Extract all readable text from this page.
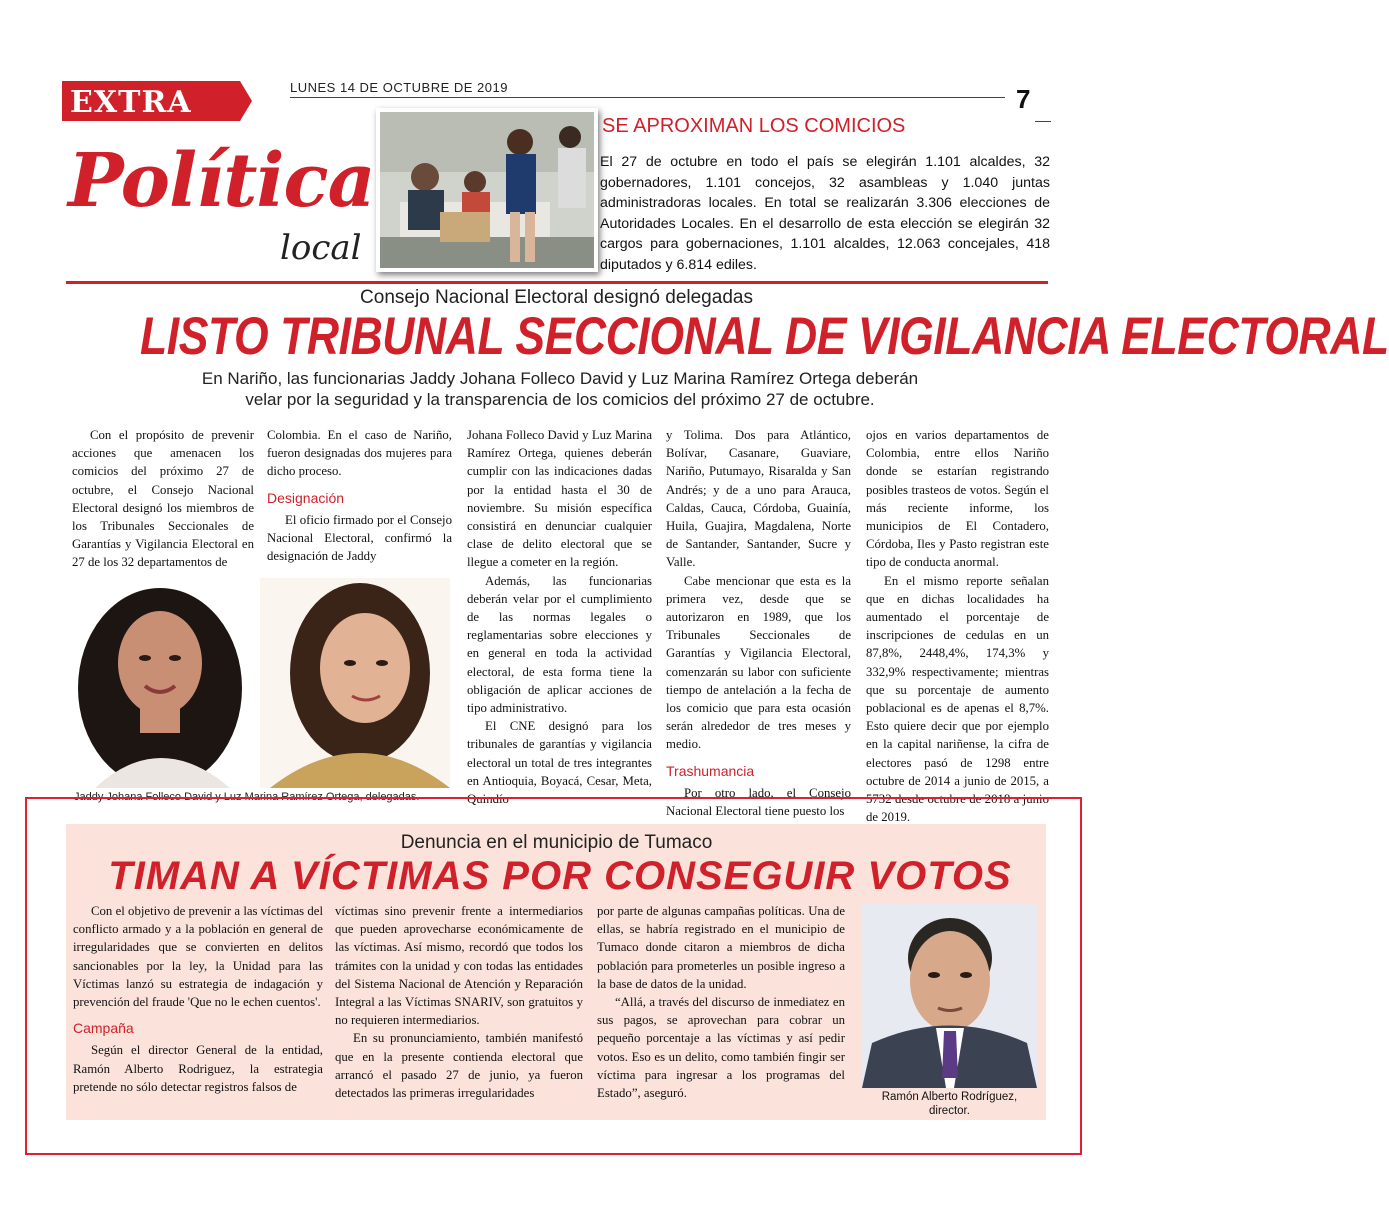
EXTRA	LUNES 14 DE OCTUBRE DE 2019	7
Política
local
SE APROXIMAN LOS COMICIOS
El 27 de octubre en todo el país se elegirán 1.101 alcaldes, 32 gobernadores, 1.101 concejos, 32 asambleas y 1.040 juntas administradoras locales. En total se realizarán 3.306 elecciones de Autoridades Locales. En el desarrollo de esta elección se elegirán 32 cargos para gobernaciones, 1.101 alcaldes, 12.063 concejales, 418 diputados y 6.814 ediles.
Consejo Nacional Electoral designó delegadas
LISTO TRIBUNAL SECCIONAL DE VIGILANCIA ELECTORAL
En Nariño, las funcionarias Jaddy Johana Folleco David y Luz Marina Ramírez Ortega deberán
velar por la seguridad y la transparencia de los comicios del próximo 27 de octubre.

Con el propósito de prevenir acciones que amenacen los comicios del próximo 27 de octubre, el Consejo Nacional Electoral designó los miembros de los Tribunales Seccionales de Garantías y Vigilancia Electoral en 27 de los 32 departamentos de

Colombia. En el caso de Nariño, fueron designadas dos mujeres para dicho proceso.

Designación

El oficio firmado por el Consejo Nacional Electoral, confirmó la designación de Jaddy

Johana Folleco David y Luz Marina Ramírez Ortega, quienes deberán cumplir con las indicaciones dadas por la entidad hasta el 30 de noviembre. Su misión específica consistirá en denunciar cualquier clase de delito electoral que se llegue a cometer en la región.

Además, las funcionarias deberán velar por el cumplimiento de las normas legales o reglamentarias sobre elecciones y en general en toda la actividad electoral, de esta forma tiene la obligación de aplicar acciones de tipo administrativo.

El CNE designó para los tribunales de garantías y vigilancia electoral un total de tres integrantes en Antioquia, Boyacá, Cesar, Meta, Quindío

y Tolima. Dos para Atlántico, Bolívar, Casanare, Guaviare, Nariño, Putumayo, Risaralda y San Andrés; y de a uno para Arauca, Caldas, Cauca, Córdoba, Guainía, Huila, Guajira, Magdalena, Norte de Santander, Santander, Sucre y Valle.

Cabe mencionar que esta es la primera vez, desde que se autorizaron en 1989, que los Tribunales Seccionales de Garantías y Vigilancia Electoral, comenzarán su labor con suficiente tiempo de antelación a la fecha de los comicio que para esta ocasión serán alrededor de tres meses y medio.

Trashumancia

Por otro lado, el Consejo Nacional Electoral tiene puesto los

ojos en varios departamentos de Colombia, entre ellos Nariño donde se estarían registrando posibles trasteos de votos. Según el más reciente informe, los municipios de El Contadero, Córdoba, Iles y Pasto registran este tipo de conducta anormal.

En el mismo reporte señalan que en dichas localidades ha aumentado el porcentaje de inscripciones de cedulas en un 87,8%, 2448,4%, 174,3% y 332,9% respectivamente; mientras que su porcentaje de aumento poblacional es de apenas el 8,7%. Esto quiere decir que por ejemplo en la capital nariñense, la cifra de electores pasó de 1298 entre octubre de 2014 a junio de 2015, a 5732 desde octubre de 2018 a junio de 2019.

Jaddy Johana Folleco David y Luz Marina Ramírez Ortega, delegadas.
Denuncia en el municipio de Tumaco
TIMAN A VÍCTIMAS POR CONSEGUIR VOTOS

Con el objetivo de prevenir a las víctimas del conflicto armado y a la población en general de irregularidades que se convierten en delitos sancionables por la ley, la Unidad para las Víctimas lanzó su estrategia de indagación y prevención del fraude 'Que no le echen cuentos'.

Campaña

Según el director General de la entidad, Ramón Alberto Rodriguez, la estrategia pretende no sólo detectar registros falsos de

víctimas sino prevenir frente a intermediarios que pueden aprovecharse económicamente de las víctimas. Así mismo, recordó que todos los trámites con la unidad y con todas las entidades del Sistema Nacional de Atención y Reparación Integral a las Víctimas SNARIV, son gratuitos y no requieren intermediarios.

En su pronunciamiento, también manifestó que en la presente contienda electoral que arrancó el pasado 27 de junio, ya fueron detectados las primeras irregularidades

por parte de algunas campañas políticas. Una de ellas, se habría registrado en el municipio de Tumaco donde citaron a miembros de dicha población para prometerles un posible ingreso a la base de datos de la unidad.

“Allá, a través del discurso de inmediatez en sus pagos, se aprovechan para cobrar un pequeño porcentaje a las víctimas y así pedir votos. Eso es un delito, como también fingir ser víctima para ingresar a los programas del Estado”, aseguró.	Ramón Alberto Rodríguez,
director.
